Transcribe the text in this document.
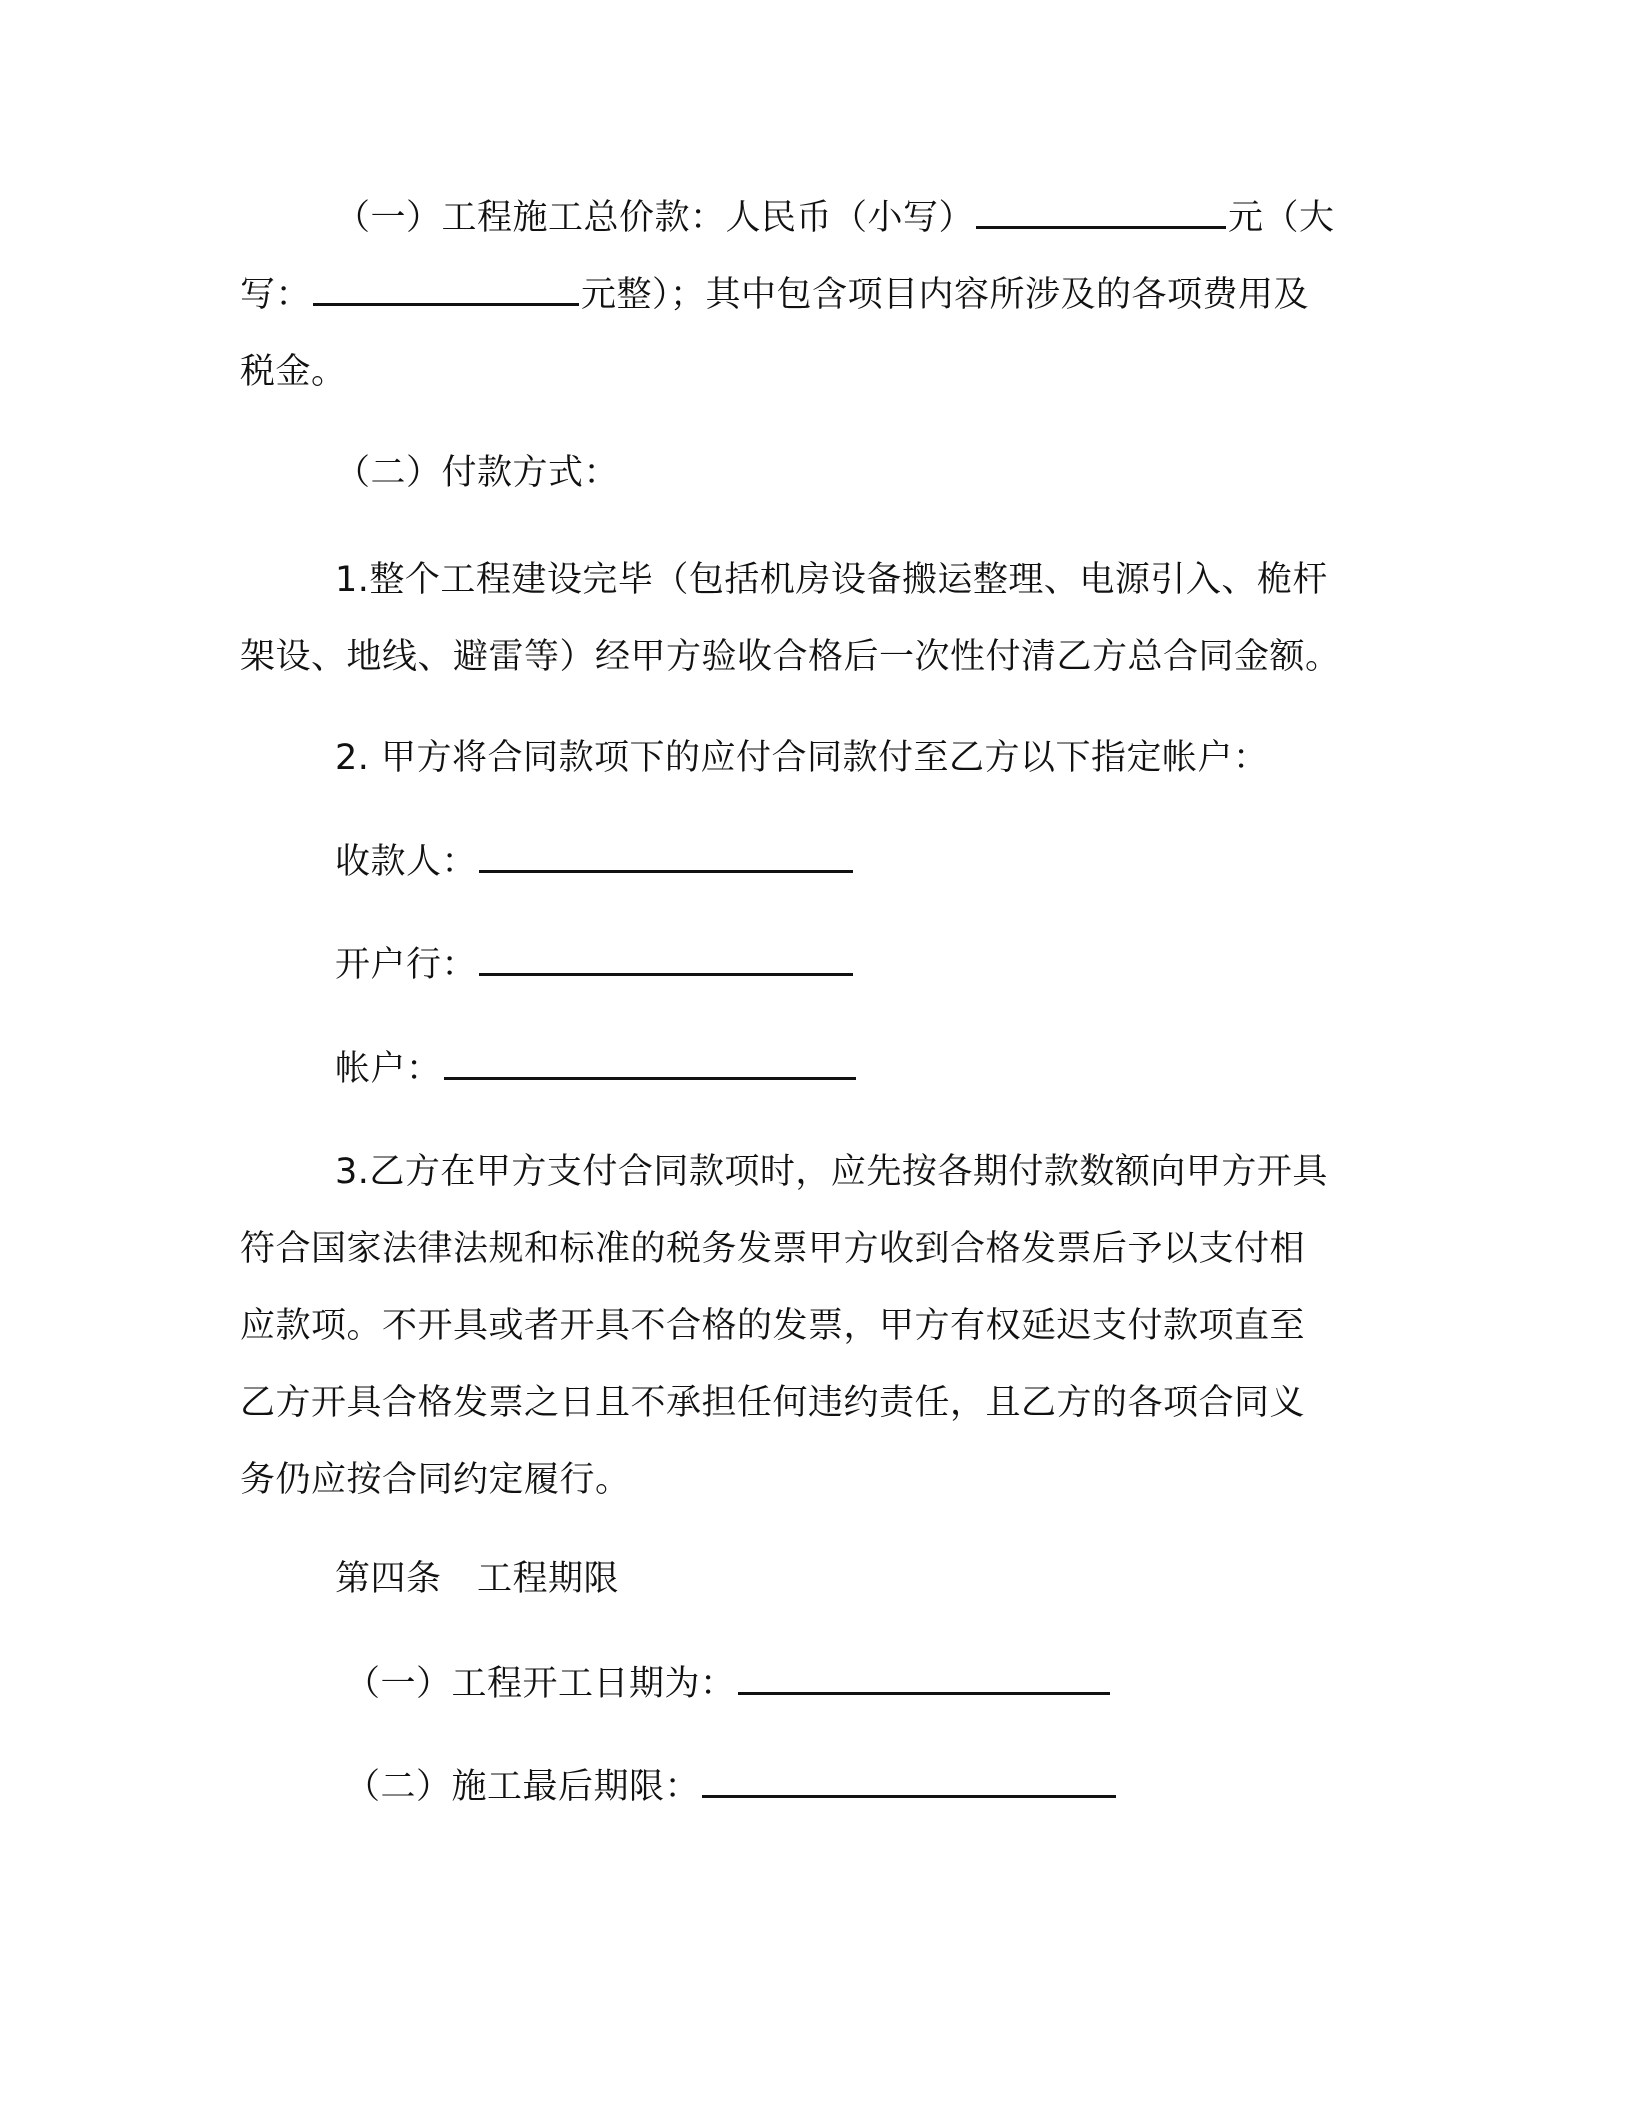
（一）工程施工总价款：人民币（小写）	元（大
写：	元整）；其中包含项目内容所涉及的各项费用及
税金。
（二）付款方式：
1.整个工程建设完毕（包括机房设备搬运整理、电源引入、桅杆
架设、地线、避雷等）经甲方验收合格后一次性付清乙方总合同金额。
2. 甲方将合同款项下的应付合同款付至乙方以下指定帐户：
收款人：
开户行：
帐户：
3.乙方在甲方支付合同款项时，应先按各期付款数额向甲方开具
符合国家法律法规和标准的税务发票甲方收到合格发票后予以支付相
应款项。不开具或者开具不合格的发票，甲方有权延迟支付款项直至
乙方开具合格发票之日且不承担任何违约责任，且乙方的各项合同义
务仍应按合同约定履行。
第四条　工程期限
（一）工程开工日期为：
（二）施工最后期限：
